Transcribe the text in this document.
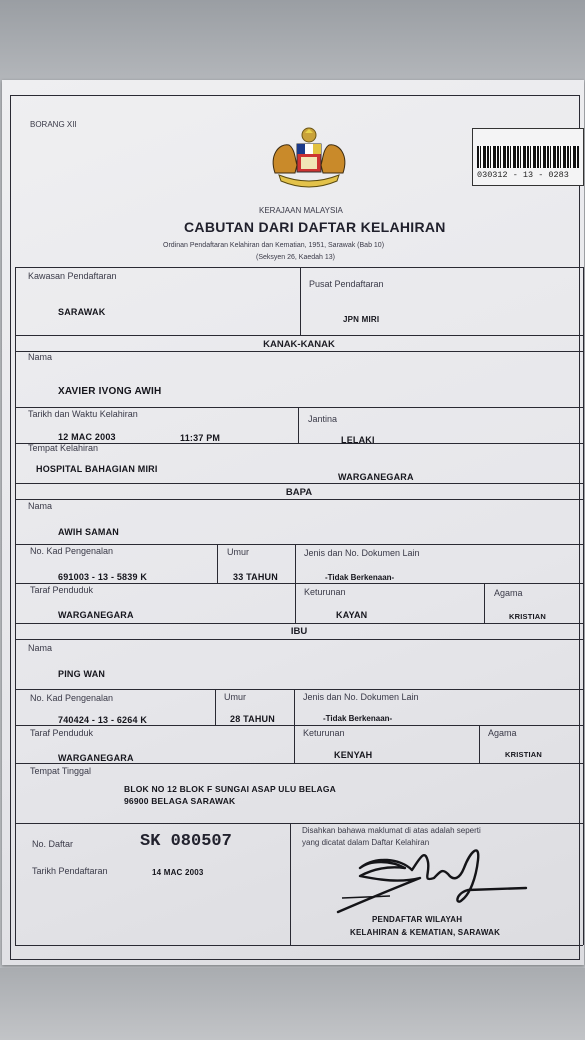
BORANG XII
030312 - 13 - 0283
KERAJAAN MALAYSIA
CABUTAN DARI DAFTAR KELAHIRAN
Ordinan Pendaftaran Kelahiran dan Kematian, 1951, Sarawak (Bab 10)
(Seksyen 26, Kaedah 13)
Kawasan Pendaftaran
SARAWAK
Pusat Pendaftaran
JPN MIRI
KANAK-KANAK
Nama
XAVIER IVONG AWIH
Tarikh dan Waktu Kelahiran
12 MAC 2003	11:37 PM
Jantina
LELAKI
Tempat Kelahiran
HOSPITAL BAHAGIAN MIRI
WARGANEGARA
BAPA
Nama
AWIH SAMAN
No. Kad Pengenalan
691003 - 13 - 5839 K
Umur
33 TAHUN
Jenis dan No. Dokumen Lain
-Tidak Berkenaan-
Taraf Penduduk
WARGANEGARA
Keturunan
KAYAN
Agama
KRISTIAN
IBU
Nama
PING WAN
No. Kad Pengenalan
740424 - 13 - 6264 K
Umur
28 TAHUN
Jenis dan No. Dokumen Lain
-Tidak Berkenaan-
Taraf Penduduk
WARGANEGARA
Keturunan
KENYAH
Agama
KRISTIAN
Tempat Tinggal
BLOK NO 12 BLOK F SUNGAI ASAP ULU BELAGA
96900 BELAGA SARAWAK
No. Daftar	SK 080507
Tarikh Pendaftaran	14 MAC 2003
Disahkan bahawa maklumat di atas adalah seperti
yang dicatat dalam Daftar Kelahiran
PENDAFTAR WILAYAH
KELAHIRAN & KEMATIAN, SARAWAK
